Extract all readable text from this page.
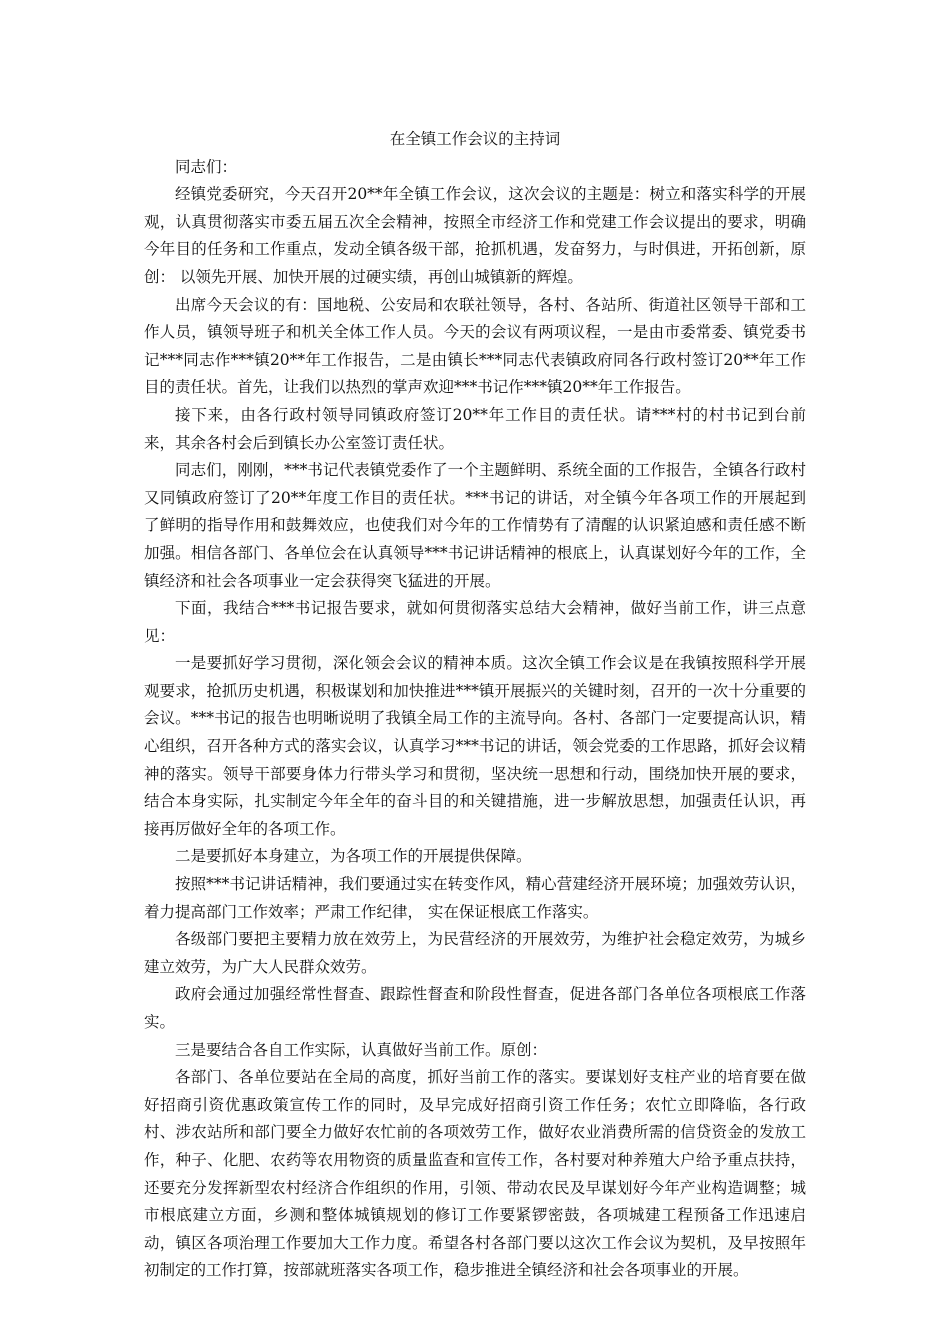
在全镇工作会议的主持词

同志们：

经镇党委研究，今天召开20**年全镇工作会议，这次会议的主题是：树立和落实科学的开展观，认真贯彻落实市委五届五次全会精神，按照全市经济工作和党建工作会议提出的要求，明确今年目的任务和工作重点，发动全镇各级干部，抢抓机遇，发奋努力，与时俱进，开拓创新，原创： 以领先开展、加快开展的过硬实绩，再创山城镇新的辉煌。

出席今天会议的有：国地税、公安局和农联社领导，各村、各站所、街道社区领导干部和工作人员，镇领导班子和机关全体工作人员。今天的会议有两项议程，一是由市委常委、镇党委书记***同志作***镇20**年工作报告，二是由镇长***同志代表镇政府同各行政村签订20**年工作目的责任状。首先，让我们以热烈的掌声欢迎***书记作***镇20**年工作报告。

接下来，由各行政村领导同镇政府签订20**年工作目的责任状。请***村的村书记到台前来，其余各村会后到镇长办公室签订责任状。

同志们，刚刚，***书记代表镇党委作了一个主题鲜明、系统全面的工作报告，全镇各行政村又同镇政府签订了20**年度工作目的责任状。***书记的讲话，对全镇今年各项工作的开展起到了鲜明的指导作用和鼓舞效应，也使我们对今年的工作情势有了清醒的认识紧迫感和责任感不断加强。相信各部门、各单位会在认真领导***书记讲话精神的根底上，认真谋划好今年的工作，全镇经济和社会各项事业一定会获得突飞猛进的开展。

下面，我结合***书记报告要求，就如何贯彻落实总结大会精神，做好当前工作，讲三点意见：

一是要抓好学习贯彻，深化领会会议的精神本质。这次全镇工作会议是在我镇按照科学开展观要求，抢抓历史机遇，积极谋划和加快推进***镇开展振兴的关键时刻，召开的一次十分重要的会议。***书记的报告也明晰说明了我镇全局工作的主流导向。各村、各部门一定要提高认识，精心组织，召开各种方式的落实会议，认真学习***书记的讲话，领会党委的工作思路，抓好会议精神的落实。领导干部要身体力行带头学习和贯彻，坚决统一思想和行动，围绕加快开展的要求，结合本身实际，扎实制定今年全年的奋斗目的和关键措施，进一步解放思想，加强责任认识，再接再厉做好全年的各项工作。

二是要抓好本身建立，为各项工作的开展提供保障。

按照***书记讲话精神，我们要通过实在转变作风，精心营建经济开展环境；加强效劳认识， 着力提高部门工作效率；严肃工作纪律， 实在保证根底工作落实。

各级部门要把主要精力放在效劳上，为民营经济的开展效劳，为维护社会稳定效劳，为城乡建立效劳，为广大人民群众效劳。

政府会通过加强经常性督查、跟踪性督查和阶段性督查，促进各部门各单位各项根底工作落实。

三是要结合各自工作实际，认真做好当前工作。原创：

各部门、各单位要站在全局的高度，抓好当前工作的落实。要谋划好支柱产业的培育要在做好招商引资优惠政策宣传工作的同时，及早完成好招商引资工作任务；农忙立即降临，各行政村、涉农站所和部门要全力做好农忙前的各项效劳工作，做好农业消费所需的信贷资金的发放工作，种子、化肥、农药等农用物资的质量监查和宣传工作，各村要对种养殖大户给予重点扶持，还要充分发挥新型农村经济合作组织的作用，引领、带动农民及早谋划好今年产业构造调整；城市根底建立方面，乡测和整体城镇规划的修订工作要紧锣密鼓，各项城建工程预备工作迅速启动，镇区各项治理工作要加大工作力度。希望各村各部门要以这次工作会议为契机，及早按照年初制定的工作打算，按部就班落实各项工作，稳步推进全镇经济和社会各项事业的开展。
